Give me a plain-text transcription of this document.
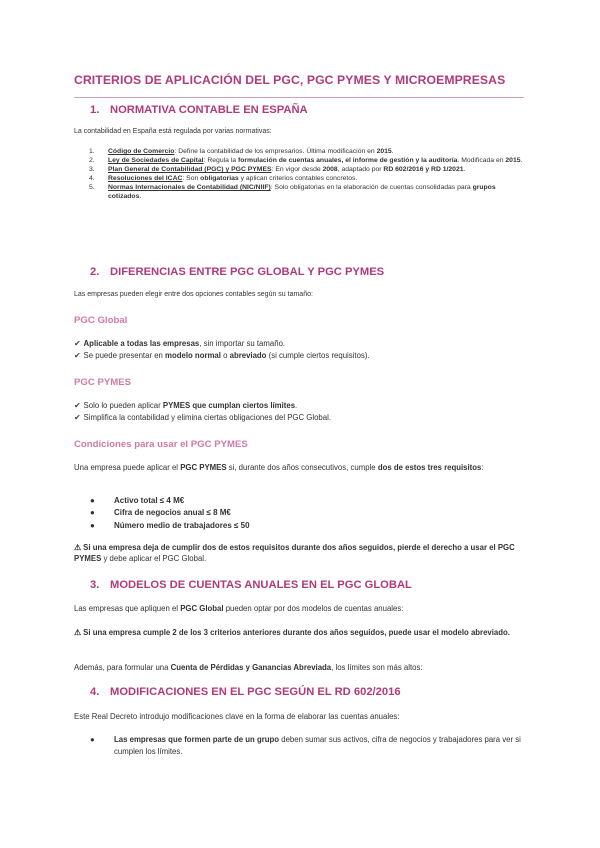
CRITERIOS DE APLICACIÓN DEL PGC, PGC PYMES Y MICROEMPRESAS
1. NORMATIVA CONTABLE EN ESPAÑA
La contabilidad en España está regulada por varias normativas:
1. Código de Comercio: Define la contabilidad de los empresarios. Última modificación en 2015.
2. Ley de Sociedades de Capital: Regula la formulación de cuentas anuales, el informe de gestión y la auditoría. Modificada en 2015.
3. Plan General de Contabilidad (PGC) y PGC PYMES: En vigor desde 2008, adaptado por RD 602/2016 y RD 1/2021.
4. Resoluciones del ICAC: Son obligatorias y aplican criterios contables concretos.
5. Normas Internacionales de Contabilidad (NIC/NIIF): Solo obligatorias en la elaboración de cuentas consolidadas para grupos cotizados.
2. DIFERENCIAS ENTRE PGC GLOBAL Y PGC PYMES
Las empresas pueden elegir entre dos opciones contables según su tamaño:
PGC Global
✔ Aplicable a todas las empresas, sin importar su tamaño.
✔ Se puede presentar en modelo normal o abreviado (si cumple ciertos requisitos).
PGC PYMES
✔ Solo lo pueden aplicar PYMES que cumplan ciertos límites.
✔ Simplifica la contabilidad y elimina ciertas obligaciones del PGC Global.
Condiciones para usar el PGC PYMES
Una empresa puede aplicar el PGC PYMES si, durante dos años consecutivos, cumple dos de estos tres requisitos:
● Activo total ≤ 4 M€
● Cifra de negocios anual ≤ 8 M€
● Número medio de trabajadores ≤ 50
⚠ Si una empresa deja de cumplir dos de estos requisitos durante dos años seguidos, pierde el derecho a usar el PGC PYMES y debe aplicar el PGC Global.
3. MODELOS DE CUENTAS ANUALES EN EL PGC GLOBAL
Las empresas que apliquen el PGC Global pueden optar por dos modelos de cuentas anuales:
⚠ Si una empresa cumple 2 de los 3 criterios anteriores durante dos años seguidos, puede usar el modelo abreviado.
Además, para formular una Cuenta de Pérdidas y Ganancias Abreviada, los límites son más altos:
4. MODIFICACIONES EN EL PGC SEGÚN EL RD 602/2016
Este Real Decreto introdujo modificaciones clave en la forma de elaborar las cuentas anuales:
● Las empresas que formen parte de un grupo deben sumar sus activos, cifra de negocios y trabajadores para ver si cumplen los límites.
